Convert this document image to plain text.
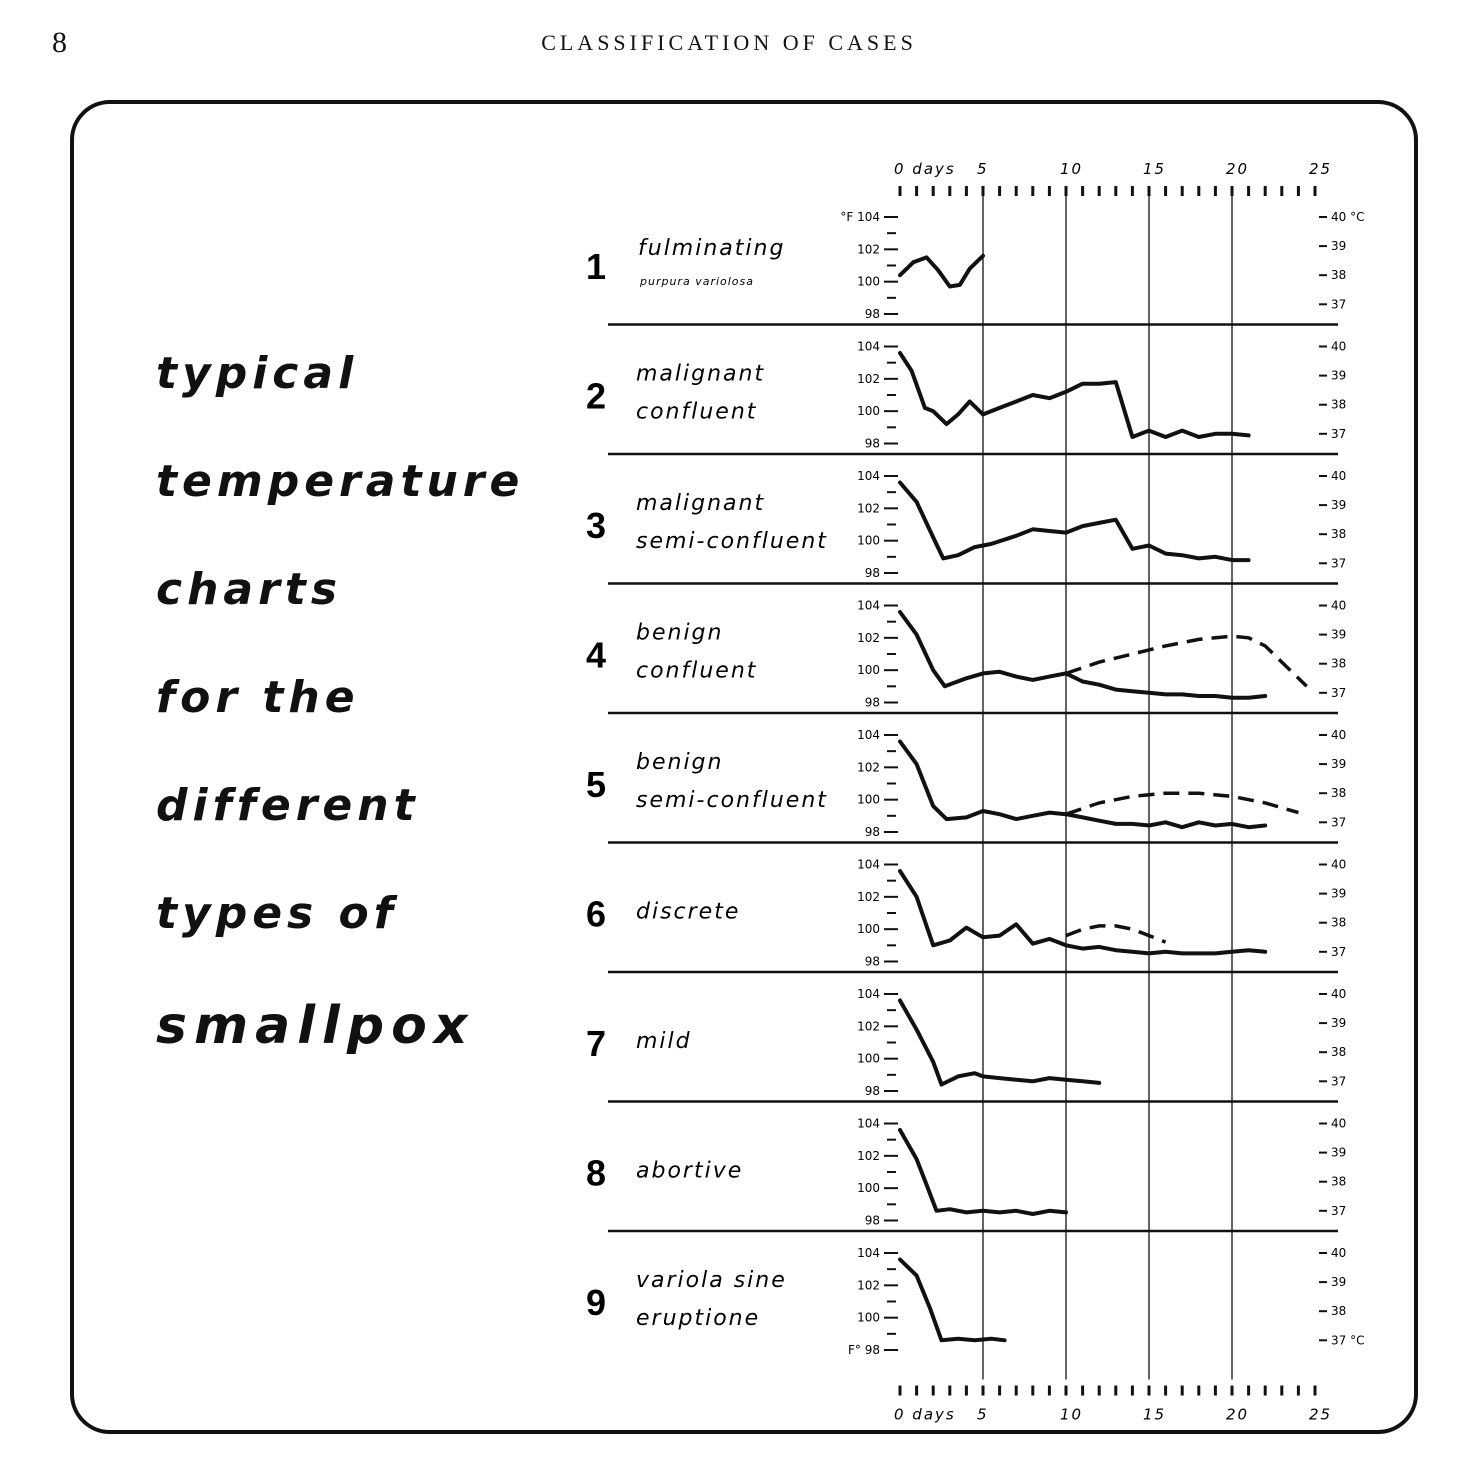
8	CLASSIFICATION OF CASES
typical
temperature
charts
for the
different
types of
smallpox
0 days 5	10	15	20	25
0 days 5	10	15	20	25
1 fulminating
purpura variolosa
°F 104
102
100
98
40 °C
39
38
37
2
malignant
confluent
104
102
100
98
40
39
38
37
3
malignant
semi-confluent
104
102
100
98
40
39
38
37
4
benign
confluent
104
102
100
98
40
39
38
37
5
benign
semi-confluent
104
102
100
98
40
39
38
37
6 discrete
104
102
100
98
40
39
38
37
7 mild
104
102
100
98
40
39
38
37
8 abortive
104
102
100
98
40
39
38
37
9
variola sine
eruptione
104
102
100
F° 98
40
39
38
37 °C
